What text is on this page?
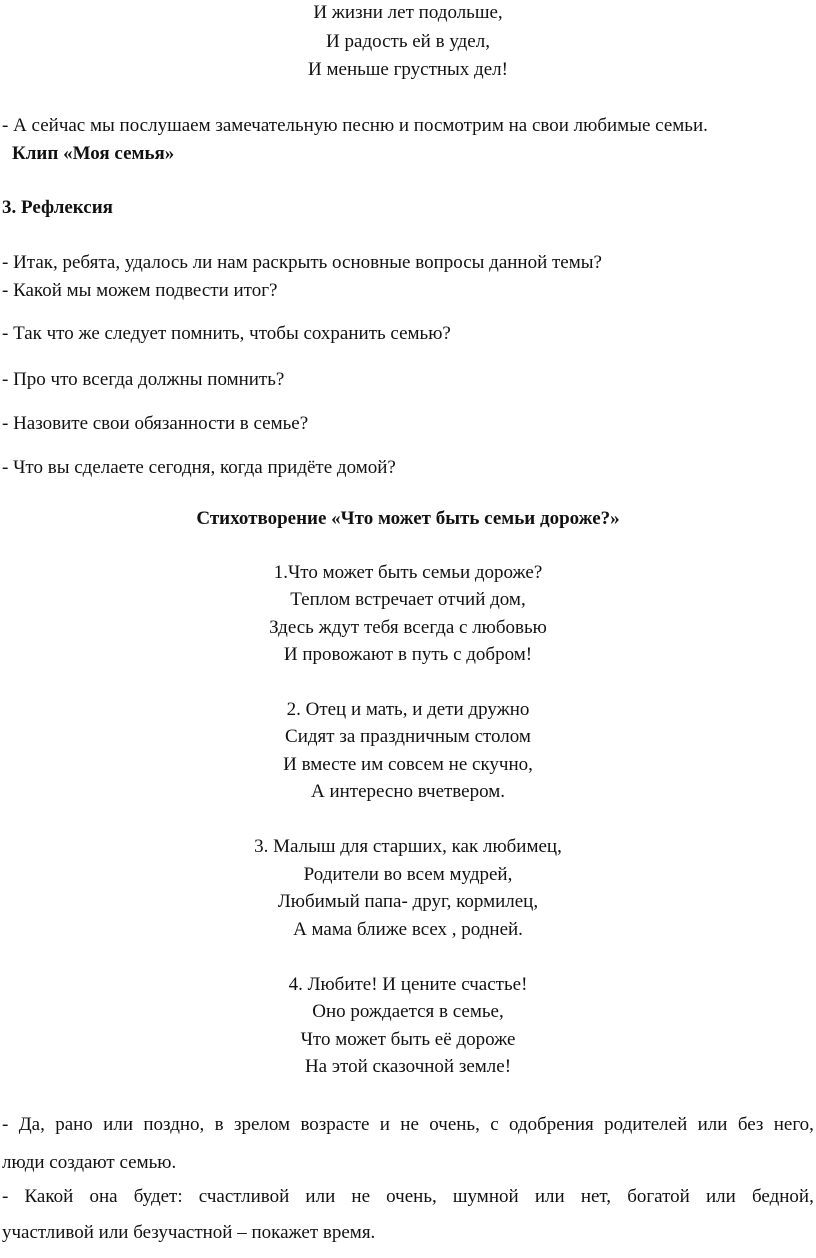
И жизни лет подольше,
И радость ей в удел,
И меньше грустных дел!
- А сейчас мы послушаем замечательную песню и посмотрим на свои любимые семьи.
Клип «Моя семья»
3. Рефлексия
- Итак, ребята, удалось ли нам раскрыть основные вопросы данной темы?
- Какой мы можем подвести итог?
- Так что же следует помнить, чтобы сохранить семью?
- Про что всегда должны помнить?
- Назовите свои обязанности в семье?
- Что вы сделаете сегодня, когда придёте домой?
Стихотворение «Что может быть семьи дороже?»
1.Что может быть семьи дороже?
Теплом встречает отчий дом,
Здесь ждут тебя всегда с любовью
И провожают в путь с добром!
2. Отец и мать, и дети дружно
Сидят за праздничным столом
И вместе им совсем не скучно,
А интересно вчетвером.
3. Малыш для старших, как любимец,
Родители во всем мудрей,
Любимый папа- друг, кормилец,
А мама ближе всех , родней.
4. Любите! И цените счастье!
Оно рождается в семье,
Что может быть её дороже
На этой сказочной земле!
- Да, рано или поздно, в зрелом возрасте и не очень, с одобрения родителей или без него,
люди создают семью.
- Какой она будет: счастливой или не очень, шумной или нет, богатой или бедной,
участливой или безучастной – покажет время.
